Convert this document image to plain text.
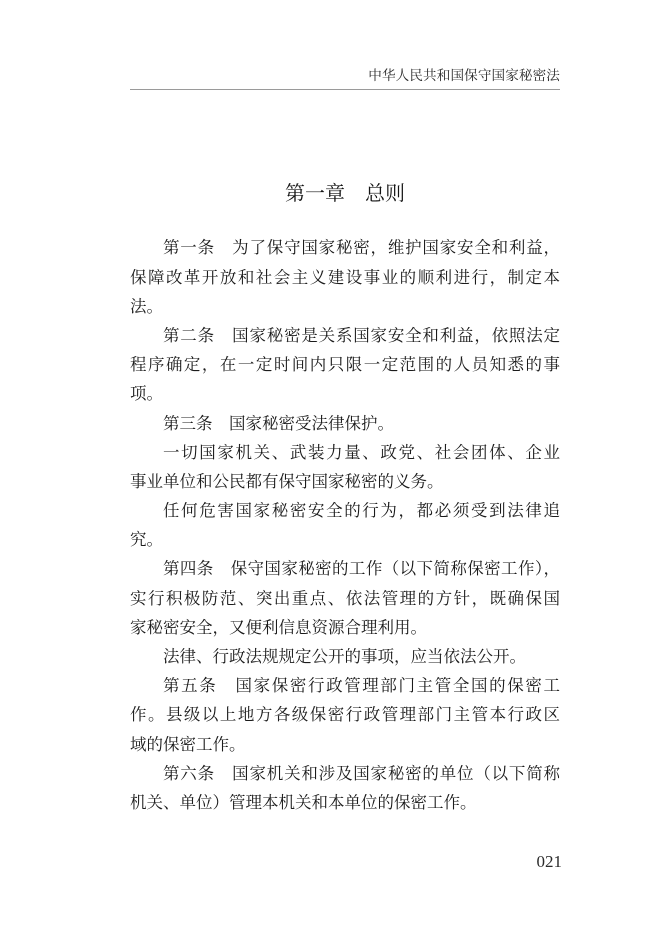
中华人民共和国保守国家秘密法
第一章　总则
第一条　为了保守国家秘密，维护国家安全和利益，
保障改革开放和社会主义建设事业的顺利进行，制定本
法。
第二条　国家秘密是关系国家安全和利益，依照法定
程序确定，在一定时间内只限一定范围的人员知悉的事
项。
第三条　国家秘密受法律保护。
一切国家机关、武装力量、政党、社会团体、企业
事业单位和公民都有保守国家秘密的义务。
任何危害国家秘密安全的行为，都必须受到法律追
究。
第四条　保守国家秘密的工作（以下简称保密工作），
实行积极防范、突出重点、依法管理的方针，既确保国
家秘密安全，又便利信息资源合理利用。
法律、行政法规规定公开的事项，应当依法公开。
第五条　国家保密行政管理部门主管全国的保密工
作。县级以上地方各级保密行政管理部门主管本行政区
域的保密工作。
第六条　国家机关和涉及国家秘密的单位（以下简称
机关、单位）管理本机关和本单位的保密工作。
021
